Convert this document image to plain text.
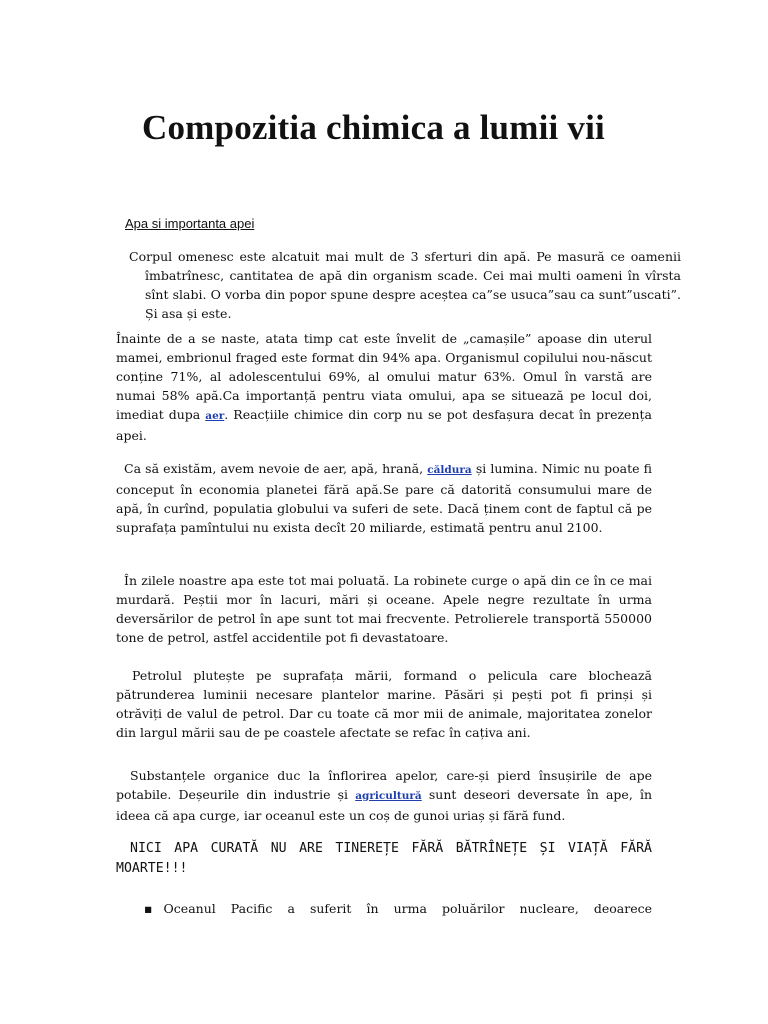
Compozitia chimica a lumii vii
Apa si importanta apei

Corpul omenesc este alcatuit mai mult de 3 sferturi din apă. Pe masură ce oamenii îmbatrînesc, cantitatea de apă din organism scade. Cei mai multi oameni în vîrsta sînt slabi. O vorba din popor spune despre aceștea ca”se usuca”sau ca sunt”uscati”. Și asa și este.

Înainte de a se naste, atata timp cat este învelit de „camașile” apoase din uterul mamei, embrionul fraged este format din 94% apa. Organismul copilului nou-născut conține 71%, al adolescentului 69%, al omului matur 63%. Omul în varstă are numai 58% apă.Ca importanță pentru viata omului, apa se situează pe locul doi, imediat dupa aer. Reacțiile chimice din corp nu se pot desfașura decat în prezența apei.

Ca să existăm, avem nevoie de aer, apă, hrană, căldura și lumina. Nimic nu poate fi conceput în economia planetei fără apă.Se pare că datorită consumului mare de apă, în curînd, populatia globului va suferi de sete. Dacă ținem cont de faptul că pe suprafața pamîntului nu exista decît 20 miliarde, estimată pentru anul 2100.

În zilele noastre apa este tot mai poluată. La robinete curge o apă din ce în ce mai murdară. Peștii mor în lacuri, mări și oceane. Apele negre rezultate în urma deversărilor de petrol în ape sunt tot mai frecvente. Petrolierele transportă 550000 tone de petrol, astfel accidentile pot fi devastatoare.

Petrolul plutește pe suprafața mării, formand o pelicula care blochează pătrunderea luminii necesare plantelor marine. Păsări și pești pot fi prinși și otrăviți de valul de petrol. Dar cu toate că mor mii de animale, majoritatea zonelor din largul mării sau de pe coastele afectate se refac în cațiva ani.

Substanțele organice duc la înflorirea apelor, care-și pierd însușirile de ape potabile. Deșeurile din industrie și agricultură sunt deseori deversate în ape, în ideea că apa curge, iar oceanul este un coș de gunoi uriaș și fără fund.

NICI APA CURATĂ NU ARE TINEREȚE FĂRĂ BĂTRÎNEȚE ȘI VIAȚĂ FĂRĂ MOARTE!!!

▪Oceanul Pacific a suferit în urma poluărilor nucleare, deoarece
